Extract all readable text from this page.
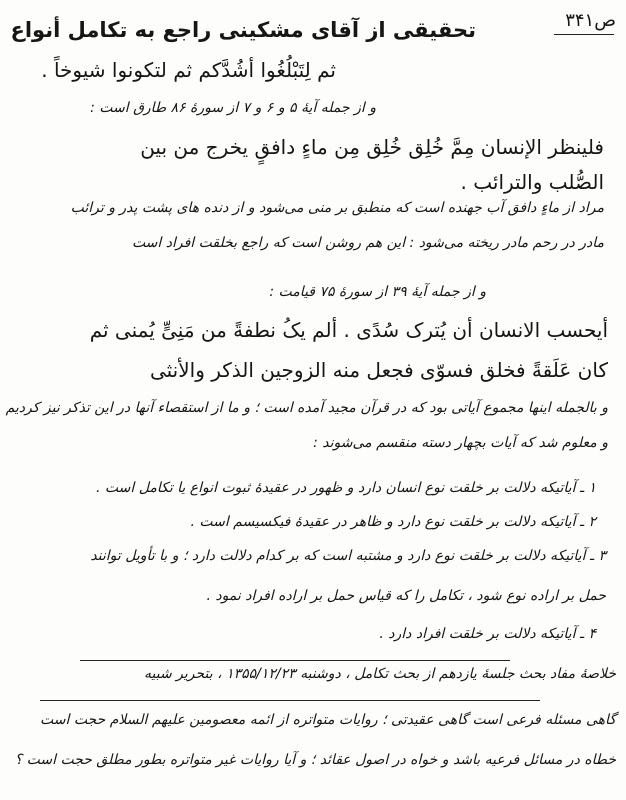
ص۳۴۱
تحقیقی از آقای مشکینی راجع به تکامل أنواع
ثم لِتَبْلُغُوا أشُدَّکم ثم لتکونوا شیوخاً .
و از جمله آیۀ ۵ و ۶ و ۷ از سورۀ ۸۶ طارق است :
فلینظر الإنسان مِمَّ خُلِق خُلِق مِن ماءٍ دافقٍ یخرج من بین
الصُّلب والترائب .
مراد از ماءٍ دافق آب جهنده است که منطبق بر منی می‌شود و از دنده های پشت پدر و ترائب
مادر در رحم مادر ریخته می‌شود : این هم روشن است که راجع بخلقت افراد است
و از جمله آیۀ ۳۹ از سورۀ ۷۵ قیامت :
أیحسب الانسان أن یُترک سُدًی . ألم یکُ نطفةً من مَنِیٍّ یُمنی ثم
کان عَلَقةً فخلق فسوّی فجعل منه الزوجین الذکر والأنثی
و بالجمله اینها مجموع آیاتی بود که در قرآن مجید آمده است ؛ و ما از استقصاء آنها در این تذکر نیز کردیم
و معلوم شد که آیات بچهار دسته منقسم می‌شوند :
۱ ـ آیاتیکه دلالت بر خلقت نوع انسان دارد و ظهور در عقیدۀ ثبوت انواع یا تکامل است .
۲ ـ آیاتیکه دلالت بر خلقت نوع دارد و ظاهر در عقیدۀ فیکسیسم است .
۳ ـ آیاتیکه دلالت بر خلقت نوع دارد و مشتبه است که بر کدام دلالت دارد ؛ و با تأویل توانند
حمل بر اراده نوع شود ، تکامل را که قیاس حمل بر اراده افراد نمود .
۴ ـ آیاتیکه دلالت بر خلقت افراد دارد .
خلاصۀ مفاد بحث جلسۀ یازدهم از بحث تکامل ، دوشنبه ۱۳۵۵/۱۲/۲۳ ، بتحریر شبیه
گاهی مسئله فرعی است گاهی عقیدتی ؛ روایات متواتره از ائمه معصومین علیهم السلام حجت است
خطاه در مسائل فرعیه باشد و خواه در اصول عقائد ؛ و آیا روایات غیر متواتره بطور مطلق حجت است ؟
